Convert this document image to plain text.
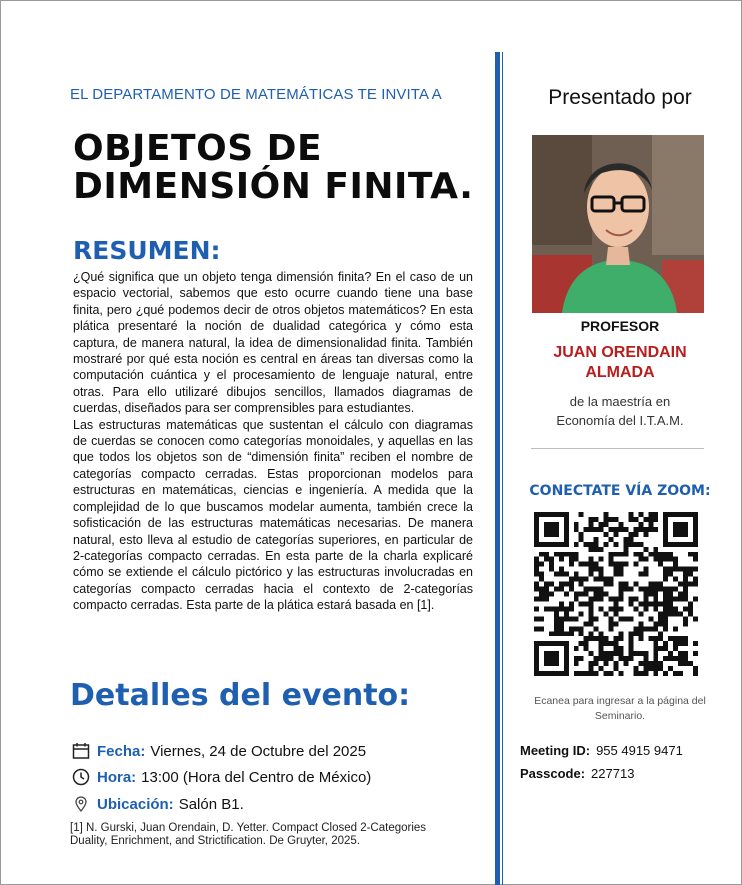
EL DEPARTAMENTO DE MATEMÁTICAS TE INVITA A
OBJETOS DE
DIMENSIÓN FINITA.
RESUMEN:

¿Qué significa que un objeto tenga dimensión finita? En el caso de un espacio vectorial, sabemos que esto ocurre cuando tiene una base finita, pero ¿qué podemos decir de otros objetos matemáticos? En esta plática presentaré la noción de dualidad categórica y cómo esta captura, de manera natural, la idea de dimensionalidad finita. También mostraré por qué esta noción es central en áreas tan diversas como la computación cuántica y el procesamiento de lenguaje natural, entre otras. Para ello utilizaré dibujos sencillos, llamados diagramas de cuerdas, diseñados para ser comprensibles para estudiantes.

Las estructuras matemáticas que sustentan el cálculo con diagramas de cuerdas se conocen como categorías monoidales, y aquellas en las que todos los objetos son de “dimensión finita” reciben el nombre de categorías compacto cerradas. Estas proporcionan modelos para estructuras en matemáticas, ciencias e ingeniería. A medida que la complejidad de lo que buscamos modelar aumenta, también crece la sofisticación de las estructuras matemáticas necesarias. De manera natural, esto lleva al estudio de categorías superiores, en particular de 2-categorías compacto cerradas. En esta parte de la charla explicaré cómo se extiende el cálculo pictórico y las estructuras involucradas en categorías compacto cerradas hacia el contexto de 2-categorías compacto cerradas. Esta parte de la plática estará basada en [1].

Detalles del evento:
Fecha: Viernes, 24 de Octubre del 2025
Hora: 13:00 (Hora del Centro de México)
Ubicación: Salón B1.
[1] N. Gurski, Juan Orendain, D. Yetter. Compact Closed 2-Categories Duality, Enrichment, and Strictification. De Gruyter, 2025.
Presentado por
PROFESOR
JUAN ORENDAIN
ALMADA
de la maestría en
Economía del I.T.A.M.
CONECTATE VÍA ZOOM:
Ecanea para ingresar a la página del Seminario.
Meeting ID: 955 4915 9471
Passcode: 227713
